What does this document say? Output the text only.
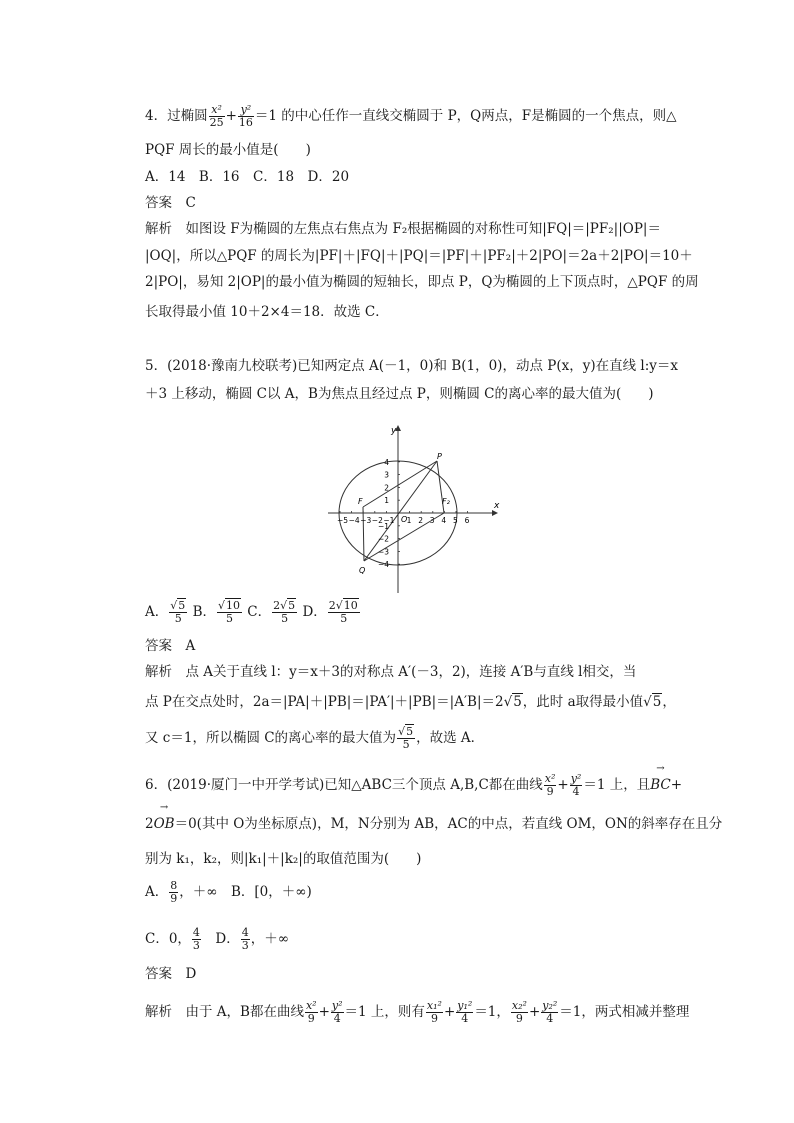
4．过椭圆 $\frac{\text{x²}}{25} + \frac{\text{y²}}{16} =1$ 的中心任作一直线交椭圆于 P，Q两点，F是椭圆的一个焦点，则△
PQF 周长的最小值是(　　)
A．14　B．16　C．18　D．20
答案　C
解析　如图设 F为椭圆的左焦点右焦点为 F₂根据椭圆的对称性可知|FQ|＝|PF₂||OP|＝
|OQ|，所以△PQF 的周长为|PF|＋|FQ|＋|PQ|＝|PF|＋|PF₂|＋2|PO|＝2a＋2|PO|＝10＋
2|PO|，易知 2|OP|的最小值为椭圆的短轴长，即点 P，Q为椭圆的上下顶点时，△PQF 的周
长取得最小值 10＋2×4＝18．故选 C．
5．(2018·豫南九校联考)已知两定点 A(－1，0)和 B(1，0)，动点 P(x，y)在直线 l:y＝x
＋3 上移动，椭圆 C以 A，B为焦点且经过点 P，则椭圆 C的离心率的最大值为(　　)
x
y
O
P
Q
F	F₂
−5 −4 −3 −2 −1 1 2 3 4 5 6
4
3
2
1
−1
−2
−3
−4
A． $\frac{√5}{5}$ B． $\frac{√10}{5}$ C． $\frac{2√5}{5}$ D． $\frac{2√10}{5}$
答案　A
解析　点 A关于直线 l：y＝x＋3的对称点 A′(－3，2)，连接 A′B与直线 l相交，当
点 P在交点处时，2a＝|PA|＋|PB|＝|PA′|＋|PB|＝|A′B|＝2√5，此时 a取得最小值√5，
又 c＝1，所以椭圆 C的离心率的最大值为 $\frac{√5}{5}$ ，故选 A．
6．(2019·厦门一中开学考试)已知△ABC三个顶点 A,B,C都在曲线 $\frac{\text{x²}}{9} + \frac{\text{y²}}{4} =1$ 上，且→ BC+
2→ OB＝0(其中 O为坐标原点)，M，N分别为 AB，AC的中点，若直线 OM，ON的斜率存在且分
别为 k₁，k₂，则|k₁|＋|k₂|的取值范围为(　　)
A． $\frac{8}{9}$ ，＋∞　B．[0，＋∞)
C．0， $\frac{4}{3}$ 　D． $\frac{4}{3}$ ，＋∞
答案　D
解析　由于 A，B都在曲线 $\frac{\text{x²}}{9} + \frac{\text{y²}}{4} =1$ 上，则有 $\frac{\text{x₁²}}{9} + \frac{\text{y₁²}}{4} =1$， $\frac{\text{x₂²}}{9} + \frac{\text{y₂²}}{4} =1$，两式相减并整理
